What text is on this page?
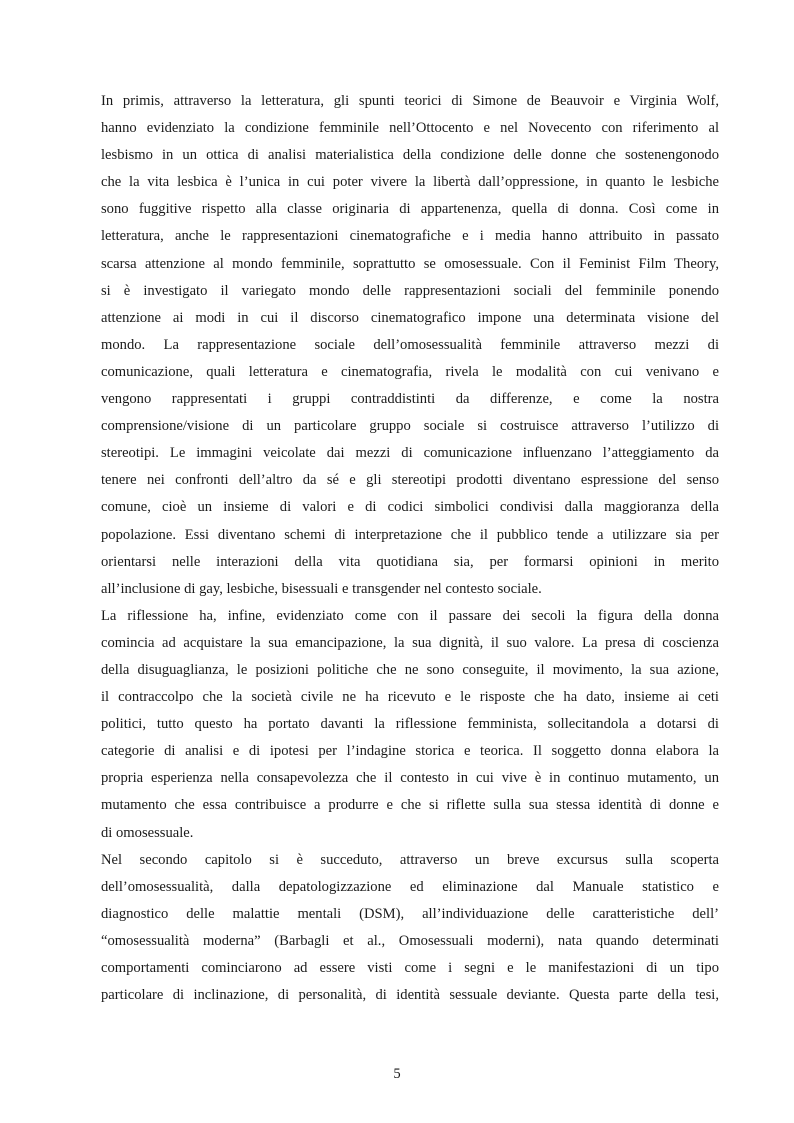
In primis, attraverso la letteratura, gli spunti teorici di Simone de Beauvoir e Virginia Wolf,
hanno evidenziato la condizione femminile nell’Ottocento e nel Novecento con riferimento al
lesbismo in un ottica di analisi materialistica della condizione delle donne che sostenengonodo
che la vita lesbica è l’unica in cui poter vivere la libertà dall’oppressione, in quanto le lesbiche
sono fuggitive rispetto alla classe originaria di appartenenza, quella di donna. Così come in
letteratura, anche le rappresentazioni cinematografiche e i media hanno attribuito in passato
scarsa attenzione al mondo femminile, soprattutto se omosessuale. Con il Feminist Film Theory,
si è investigato il variegato mondo delle rappresentazioni sociali del femminile ponendo
attenzione ai modi in cui il discorso cinematografico impone una determinata visione del
mondo. La rappresentazione sociale dell’omosessualità femminile attraverso mezzi di
comunicazione, quali letteratura e cinematografia, rivela le modalità con cui venivano e
vengono rappresentati i gruppi contraddistinti da differenze, e come la nostra
comprensione/visione di un particolare gruppo sociale si costruisce attraverso l’utilizzo di
stereotipi. Le immagini veicolate dai mezzi di comunicazione influenzano l’atteggiamento da
tenere nei confronti dell’altro da sé e gli stereotipi prodotti diventano espressione del senso
comune, cioè un insieme di valori e di codici simbolici condivisi dalla maggioranza della
popolazione. Essi diventano schemi di interpretazione che il pubblico tende a utilizzare sia per
orientarsi nelle interazioni della vita quotidiana sia, per formarsi opinioni in merito
all’inclusione di gay, lesbiche, bisessuali e transgender nel contesto sociale.
La riflessione ha, infine, evidenziato come con il passare dei secoli la figura della donna
comincia ad acquistare la sua emancipazione, la sua dignità, il suo valore. La presa di coscienza
della disuguaglianza, le posizioni politiche che ne sono conseguite, il movimento, la sua azione,
il contraccolpo che la società civile ne ha ricevuto e le risposte che ha dato, insieme ai ceti
politici, tutto questo ha portato davanti la riflessione femminista, sollecitandola a dotarsi di
categorie di analisi e di ipotesi per l’indagine storica e teorica. Il soggetto donna elabora la
propria esperienza nella consapevolezza che il contesto in cui vive è in continuo mutamento, un
mutamento che essa contribuisce a produrre e che si riflette sulla sua stessa identità di donne e
di omosessuale.
Nel secondo capitolo si è succeduto, attraverso un breve excursus sulla scoperta
dell’omosessualità, dalla depatologizzazione ed eliminazione dal Manuale statistico e
diagnostico delle malattie mentali (DSM), all’individuazione delle caratteristiche dell’
“omosessualità moderna” (Barbagli et al., Omosessuali moderni), nata quando determinati
comportamenti cominciarono ad essere visti come i segni e le manifestazioni di un tipo
particolare di inclinazione, di personalità, di identità sessuale deviante. Questa parte della tesi,
5
